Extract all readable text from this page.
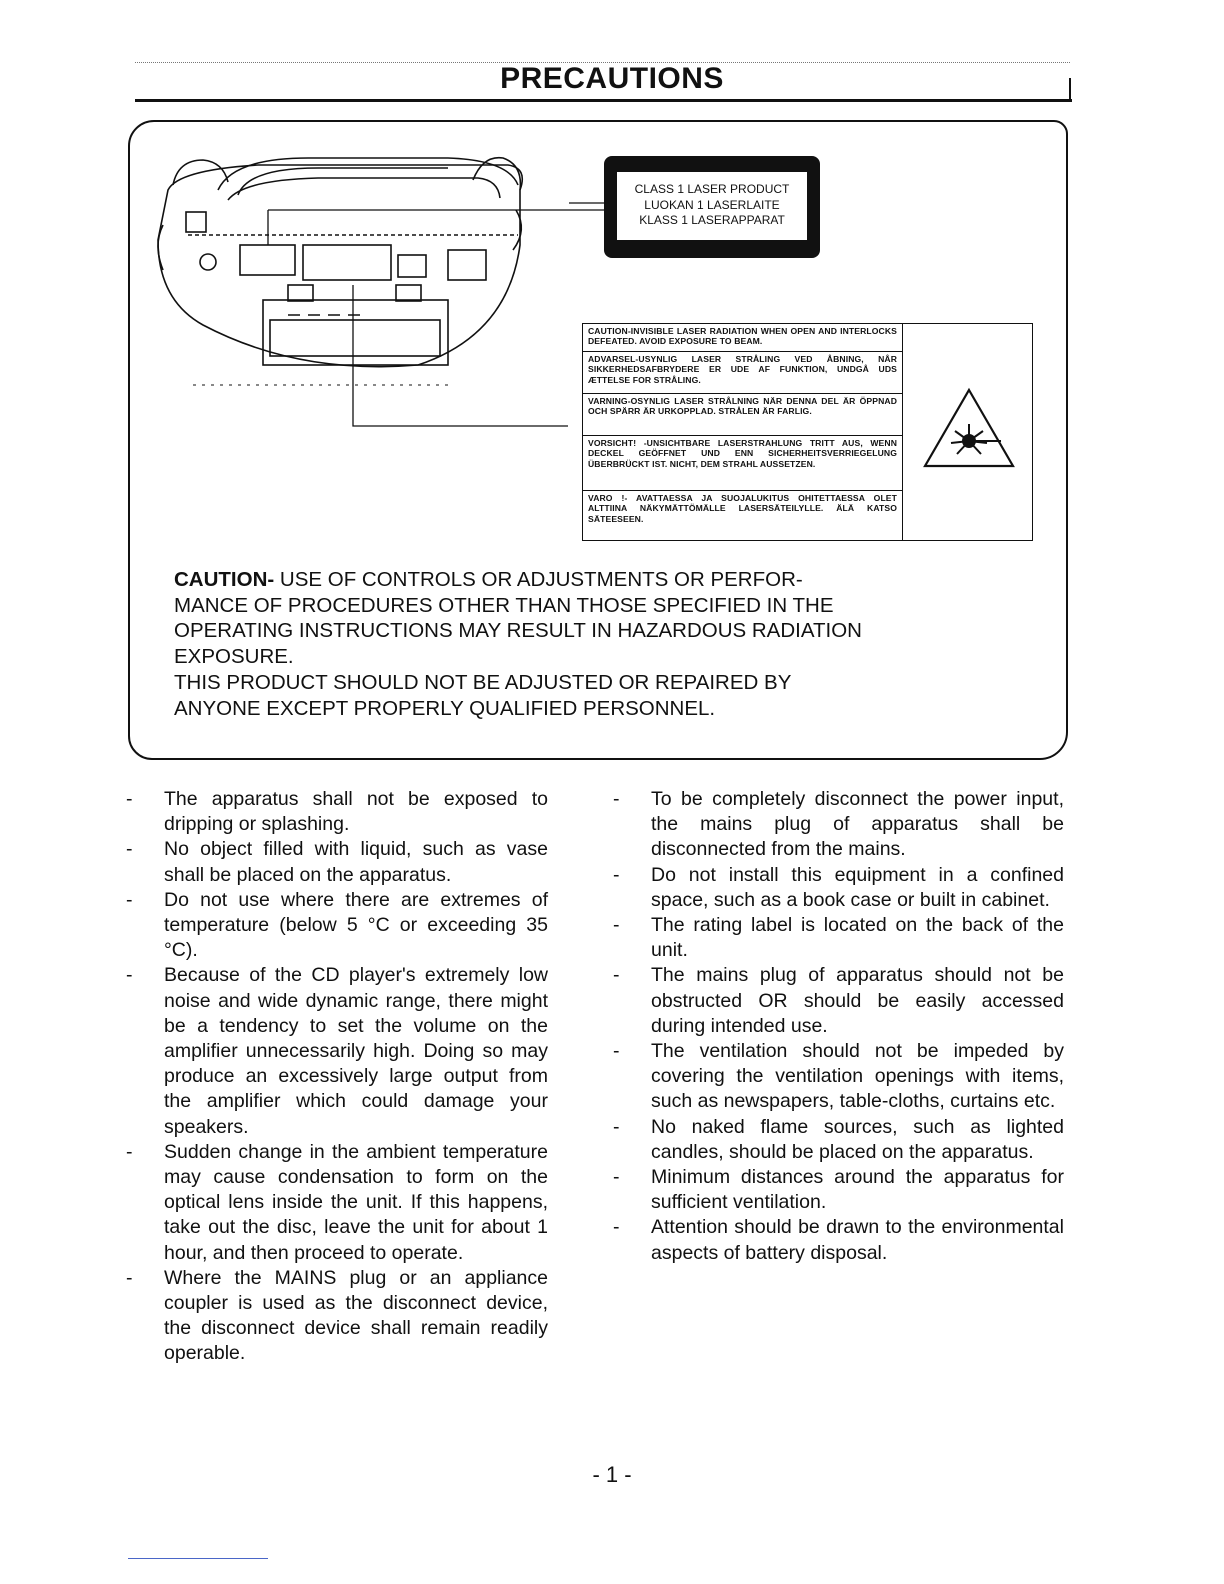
PRECAUTIONS
CLASS 1 LASER PRODUCT
LUOKAN 1 LASERLAITE
KLASS 1 LASERAPPARAT
CAUTION-INVISIBLE LASER RADIATION WHEN OPEN AND INTERLOCKS DEFEATED. AVOID EXPOSURE TO BEAM.
ADVARSEL-USYNLIG LASER STRÅLING VED ÅBNING, NÅR SIKKERHEDSAFBRYDERE ER UDE AF FUNKTION, UNDGÅ UDS ÆTTELSE FOR STRÅLING.
VARNING-OSYNLIG LASER STRÅLNING NÄR DENNA DEL ÄR ÖPPNAD OCH SPÄRR ÄR URKOPPLAD. STRÅLEN ÄR FARLIG.
VORSICHT! -UNSICHTBARE LASERSTRAHLUNG TRITT AUS, WENN DECKEL GEÖFFNET UND ENN SICHERHEITSVERRIEGELUNG ÜBERBRÜCKT IST. NICHT, DEM STRAHL AUSSETZEN.
VARO !- AVATTAESSA JA SUOJALUKITUS OHITETTAESSA OLET ALTTIINA NÄKYMÄTTÖMÄLLE LASERSÄTEILYLLE. ÄLÄ KATSO SÄTEESEEN.

CAUTION- USE OF CONTROLS OR ADJUSTMENTS OR PERFOR-MANCE OF PROCEDURES OTHER THAN THOSE SPECIFIED IN THE OPERATING INSTRUCTIONS MAY RESULT IN HAZARDOUS RADIATION EXPOSURE.

THIS PRODUCT SHOULD NOT BE ADJUSTED OR REPAIRED BY ANYONE EXCEPT PROPERLY QUALIFIED PERSONNEL.

- The apparatus shall not be exposed to dripping or splashing.
- No object filled with liquid, such as vase shall be placed on the apparatus.
- Do not use where there are extremes of temperature (below 5 °C or exceeding 35 °C).
- Because of the CD player's extremely low noise and wide dynamic range, there might be a tendency to set the volume on the amplifier unnecessarily high. Doing so may produce an excessively large output from the amplifier which could damage your speakers.
- Sudden change in the ambient temperature may cause condensation to form on the optical lens inside the unit. If this happens, take out the disc, leave the unit for about 1 hour, and then proceed to operate.
- Where the MAINS plug or an appliance coupler is used as the disconnect device, the disconnect device shall remain readily operable.
- To be completely disconnect the power input, the mains plug of apparatus shall be disconnected from the mains.
- Do not install this equipment in a confined space, such as a book case or built in cabinet.
- The rating label is located on the back of the unit.
- The mains plug of apparatus should not be obstructed OR should be easily accessed during intended use.
- The ventilation should not be impeded by covering the ventilation openings with items, such as newspapers, table-cloths, curtains etc.
- No naked flame sources, such as lighted candles, should be placed on the apparatus.
- Minimum distances around the apparatus for sufficient ventilation.
- Attention should be drawn to the environmental aspects of battery disposal.
- 1 -
